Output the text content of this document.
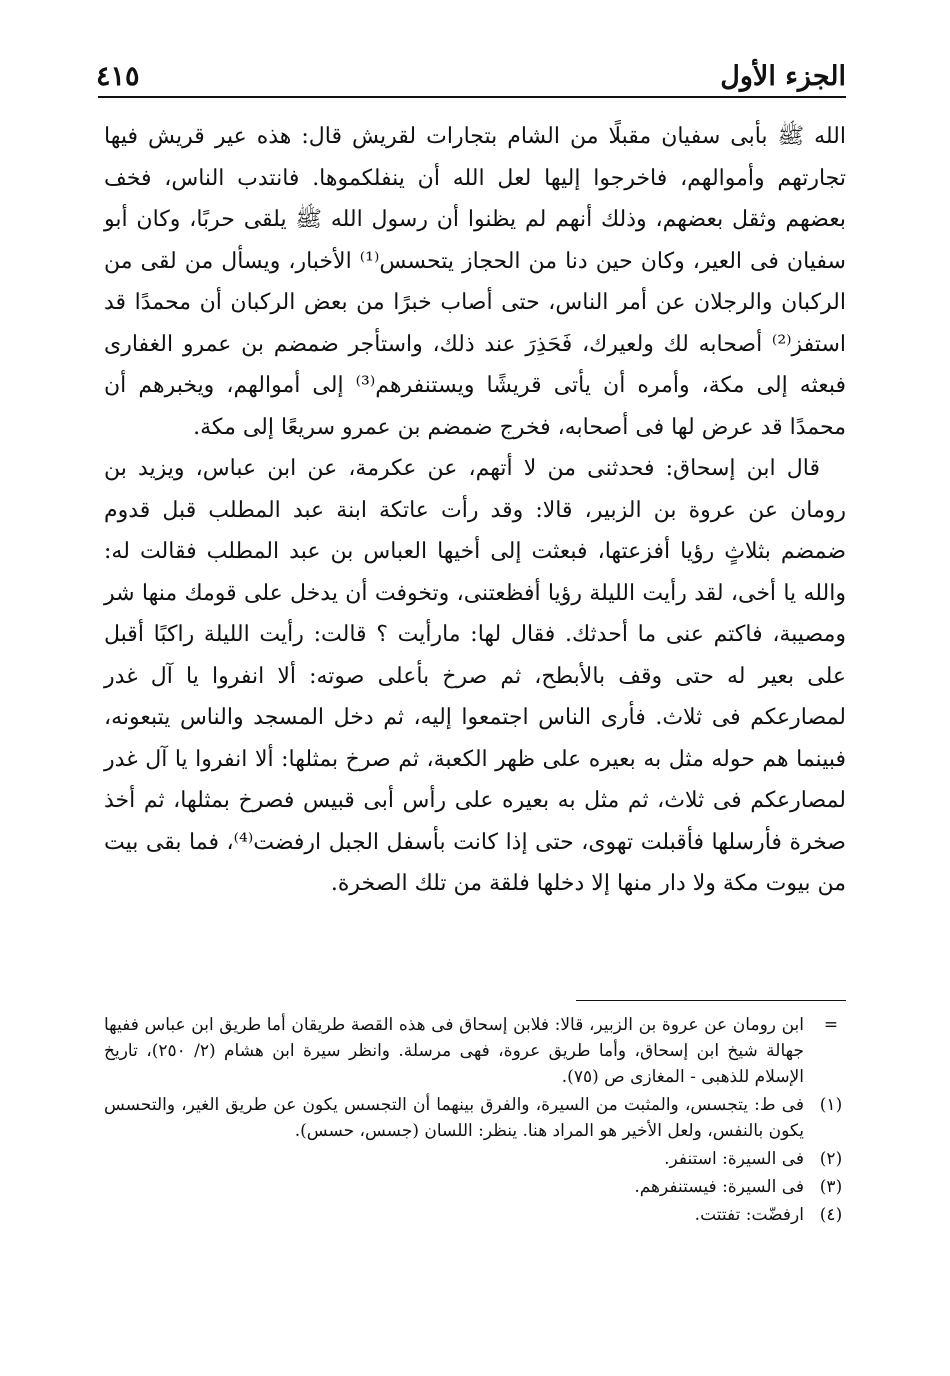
الجزء الأول
٤١٥

الله ﷺ بأبى سفيان مقبلًا من الشام بتجارات لقريش قال: هذه عير قريش فيها تجارتهم وأموالهم، فاخرجوا إليها لعل الله أن ينفلكموها. فانتدب الناس، فخف بعضهم وثقل بعضهم، وذلك أنهم لم يظنوا أن رسول الله ﷺ يلقى حربًا، وكان أبو سفيان فى العير، وكان حين دنا من الحجاز يتحسس⁽¹⁾ الأخبار، ويسأل من لقى من الركبان والرجلان عن أمر الناس، حتى أصاب خبرًا من بعض الركبان أن محمدًا قد استفز⁽²⁾ أصحابه لك ولعيرك، فَحَذِرَ عند ذلك، واستأجر ضمضم بن عمرو الغفارى فبعثه إلى مكة، وأمره أن يأتى قريشًا ويستنفرهم⁽³⁾ إلى أموالهم، ويخبرهم أن محمدًا قد عرض لها فى أصحابه، فخرج ضمضم بن عمرو سريعًا إلى مكة.

قال ابن إسحاق: فحدثنى من لا أتهم، عن عكرمة، عن ابن عباس، ويزيد بن رومان عن عروة بن الزبير، قالا: وقد رأت عاتكة ابنة عبد المطلب قبل قدوم ضمضم بثلاثٍ رؤيا أفزعتها، فبعثت إلى أخيها العباس بن عبد المطلب فقالت له: والله يا أخى، لقد رأيت الليلة رؤيا أفظعتنى، وتخوفت أن يدخل على قومك منها شر ومصيبة، فاكتم عنى ما أحدثك. فقال لها: مارأيت ؟ قالت: رأيت الليلة راكبًا أقبل على بعير له حتى وقف بالأبطح، ثم صرخ بأعلى صوته: ألا انفروا يا آل غدر لمصارعكم فى ثلاث. فأرى الناس اجتمعوا إليه، ثم دخل المسجد والناس يتبعونه، فبينما هم حوله مثل به بعيره على ظهر الكعبة، ثم صرخ بمثلها: ألا انفروا يا آل غدر لمصارعكم فى ثلاث، ثم مثل به بعيره على رأس أبى قبيس فصرخ بمثلها، ثم أخذ صخرة فأرسلها فأقبلت تهوى، حتى إذا كانت بأسفل الجبل ارفضت⁽⁴⁾، فما بقى بيت من بيوت مكة ولا دار منها إلا دخلها فلقة من تلك الصخرة.

=
ابن رومان عن عروة بن الزبير، قالا: فلابن إسحاق فى هذه القصة طريقان أما طريق ابن عباس ففيها جهالة شيخ ابن إسحاق، وأما طريق عروة، فهى مرسلة. وانظر سيرة ابن هشام (٢/ ٢٥٠)، تاريخ الإسلام للذهبى - المغازى ص (٧٥).
(١)
فى ط: يتجسس، والمثبت من السيرة، والفرق بينهما أن التجسس يكون عن طريق الغير، والتحسس يكون بالنفس، ولعل الأخير هو المراد هنا. ينظر: اللسان (جسس، حسس).
(٢)
فى السيرة: استنفر.
(٣)
فى السيرة: فيستنفرهم.
(٤)
ارفضّت: تفتتت.
